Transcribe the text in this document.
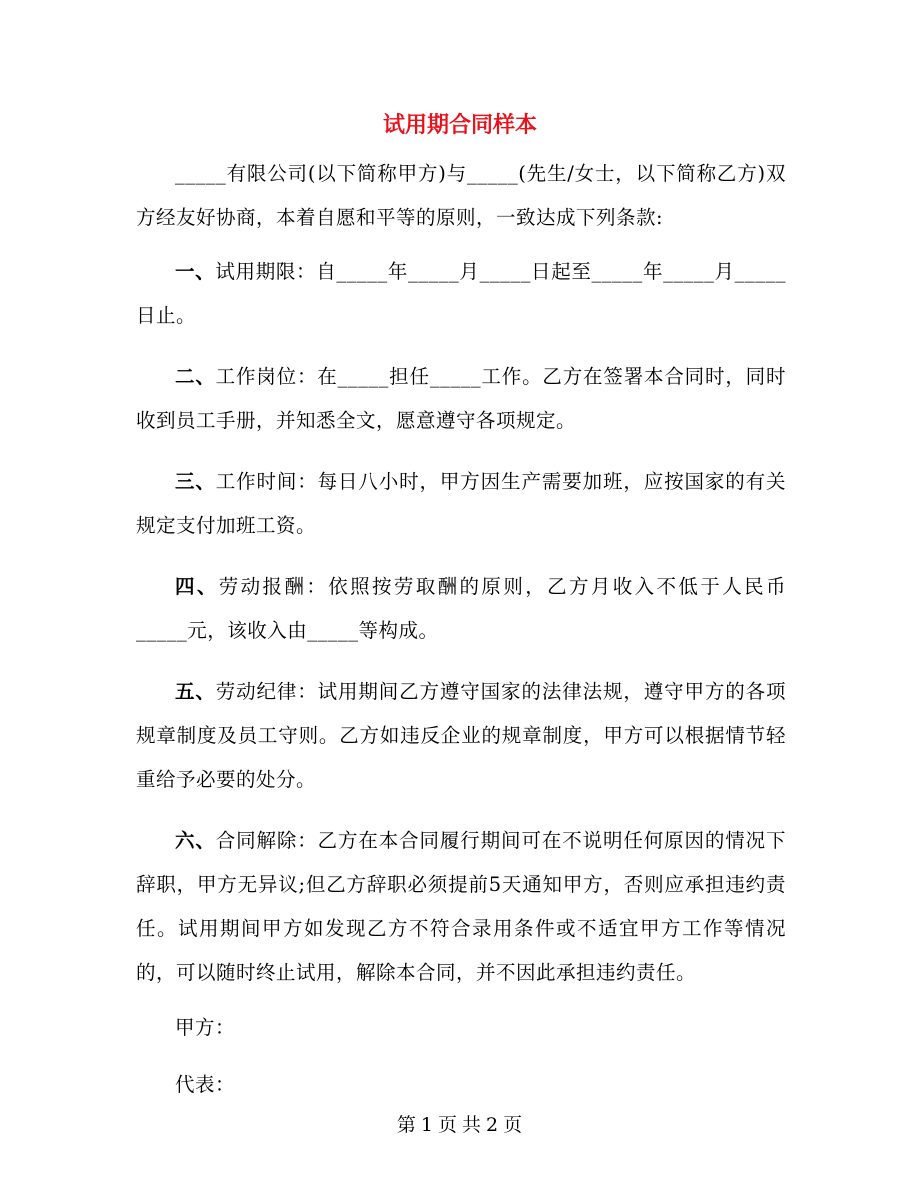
试用期合同样本

_____有限公司(以下简称甲方)与_____(先生/女士，以下简称乙方)双方经友好协商，本着自愿和平等的原则，一致达成下列条款:

一、试用期限：自_____年_____月_____日起至_____年_____月_____日止。

二、工作岗位：在_____担任_____工作。乙方在签署本合同时，同时收到员工手册，并知悉全文，愿意遵守各项规定。

三、工作时间：每日八小时，甲方因生产需要加班，应按国家的有关规定支付加班工资。

四、劳动报酬：依照按劳取酬的原则，乙方月收入不低于人民币_____元，该收入由_____等构成。

五、劳动纪律：试用期间乙方遵守国家的法律法规，遵守甲方的各项规章制度及员工守则。乙方如违反企业的规章制度，甲方可以根据情节轻重给予必要的处分。

六、合同解除：乙方在本合同履行期间可在不说明任何原因的情况下辞职，甲方无异议;但乙方辞职必须提前5天通知甲方，否则应承担违约责任。试用期间甲方如发现乙方不符合录用条件或不适宜甲方工作等情况的，可以随时终止试用，解除本合同，并不因此承担违约责任。

甲方：

代表：

第 1 页 共 2 页
